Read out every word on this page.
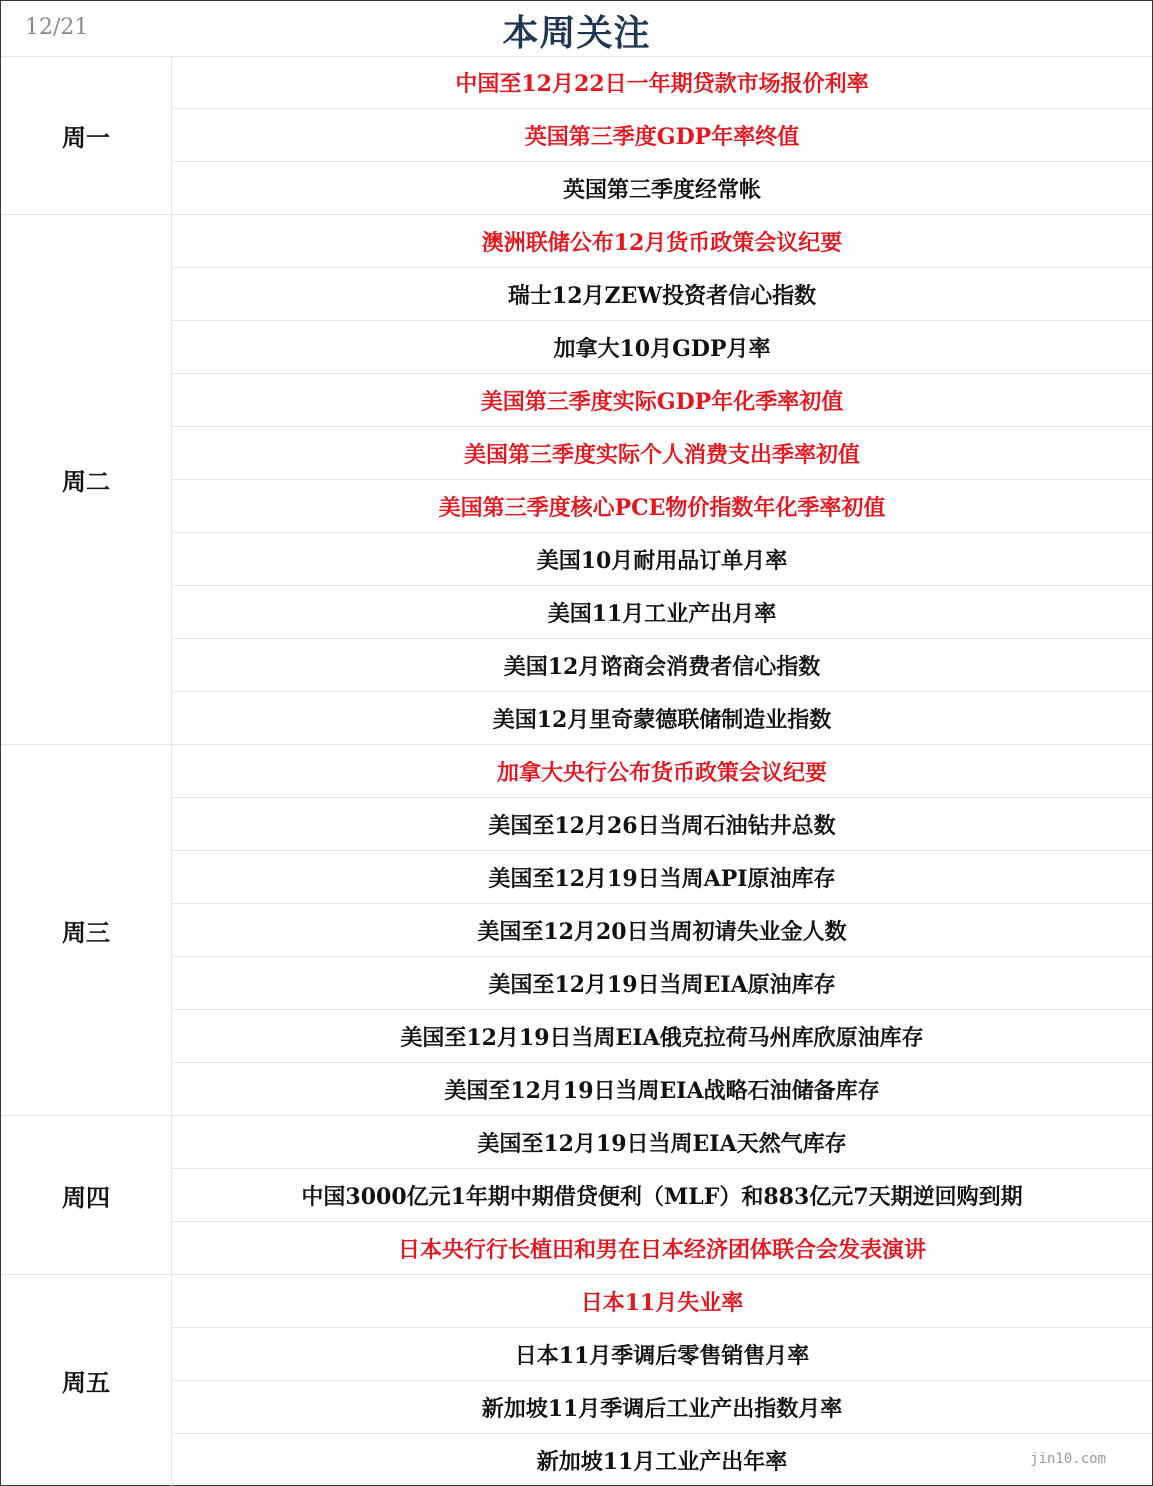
12/21	本周关注
周一
中国至12月22日一年期贷款市场报价利率
英国第三季度GDP年率终值
英国第三季度经常帐
周二
澳洲联储公布12月货币政策会议纪要
瑞士12月ZEW投资者信心指数
加拿大10月GDP月率
美国第三季度实际GDP年化季率初值
美国第三季度实际个人消费支出季率初值
美国第三季度核心PCE物价指数年化季率初值
美国10月耐用品订单月率
美国11月工业产出月率
美国12月谘商会消费者信心指数
美国12月里奇蒙德联储制造业指数
周三
加拿大央行公布货币政策会议纪要
美国至12月26日当周石油钻井总数
美国至12月19日当周API原油库存
美国至12月20日当周初请失业金人数
美国至12月19日当周EIA原油库存
美国至12月19日当周EIA俄克拉荷马州库欣原油库存
美国至12月19日当周EIA战略石油储备库存
周四
美国至12月19日当周EIA天然气库存
中国3000亿元1年期中期借贷便利（MLF）和883亿元7天期逆回购到期
日本央行行长植田和男在日本经济团体联合会发表演讲
周五
日本11月失业率
日本11月季调后零售销售月率
新加坡11月季调后工业产出指数月率
新加坡11月工业产出年率	jin10.com
